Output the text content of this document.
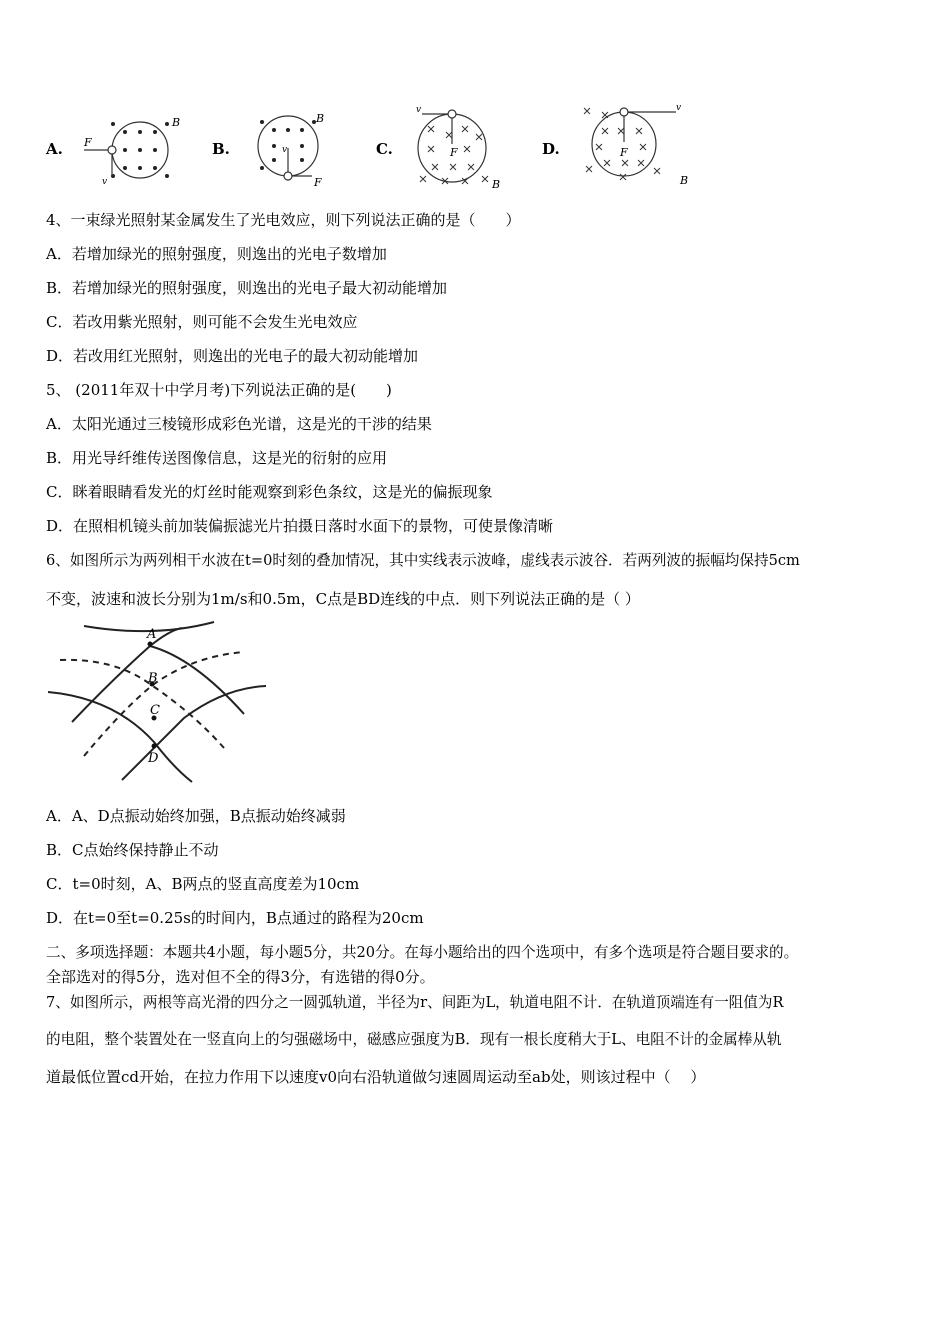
A.	B.	C.	D.
F
v
B
v
F
B
v
F
B
v
F
B
4、一束绿光照射某金属发生了光电效应，则下列说法正确的是（　　）
A．若增加绿光的照射强度，则逸出的光电子数增加
B．若增加绿光的照射强度，则逸出的光电子最大初动能增加
C．若改用紫光照射，则可能不会发生光电效应
D．若改用红光照射，则逸出的光电子的最大初动能增加
5、 (2011年双十中学月考)下列说法正确的是(　　)
A．太阳光通过三棱镜形成彩色光谱，这是光的干涉的结果
B．用光导纤维传送图像信息，这是光的衍射的应用
C．眯着眼睛看发光的灯丝时能观察到彩色条纹，这是光的偏振现象
D．在照相机镜头前加装偏振滤光片拍摄日落时水面下的景物，可使景像清晰
6、如图所示为两列相干水波在t=0时刻的叠加情况，其中实线表示波峰，虚线表示波谷．若两列波的振幅均保持5cm
不变，波速和波长分别为1m/s和0.5m，C点是BD连线的中点．则下列说法正确的是（ ）
A
B
C
D
A．A、D点振动始终加强，B点振动始终减弱
B．C点始终保持静止不动
C．t=0时刻，A、B两点的竖直高度差为10cm
D．在t=0至t=0.25s的时间内，B点通过的路程为20cm
二、多项选择题：本题共4小题，每小题5分，共20分。在每小题给出的四个选项中，有多个选项是符合题目要求的。
全部选对的得5分，选对但不全的得3分，有选错的得0分。
7、如图所示，两根等高光滑的四分之一圆弧轨道，半径为r、间距为L，轨道电阻不计．在轨道顶端连有一阻值为R
的电阻，整个装置处在一竖直向上的匀强磁场中，磁感应强度为B．现有一根长度稍大于L、电阻不计的金属棒从轨
道最低位置cd开始，在拉力作用下以速度v0向右沿轨道做匀速圆周运动至ab处，则该过程中（　 ）
